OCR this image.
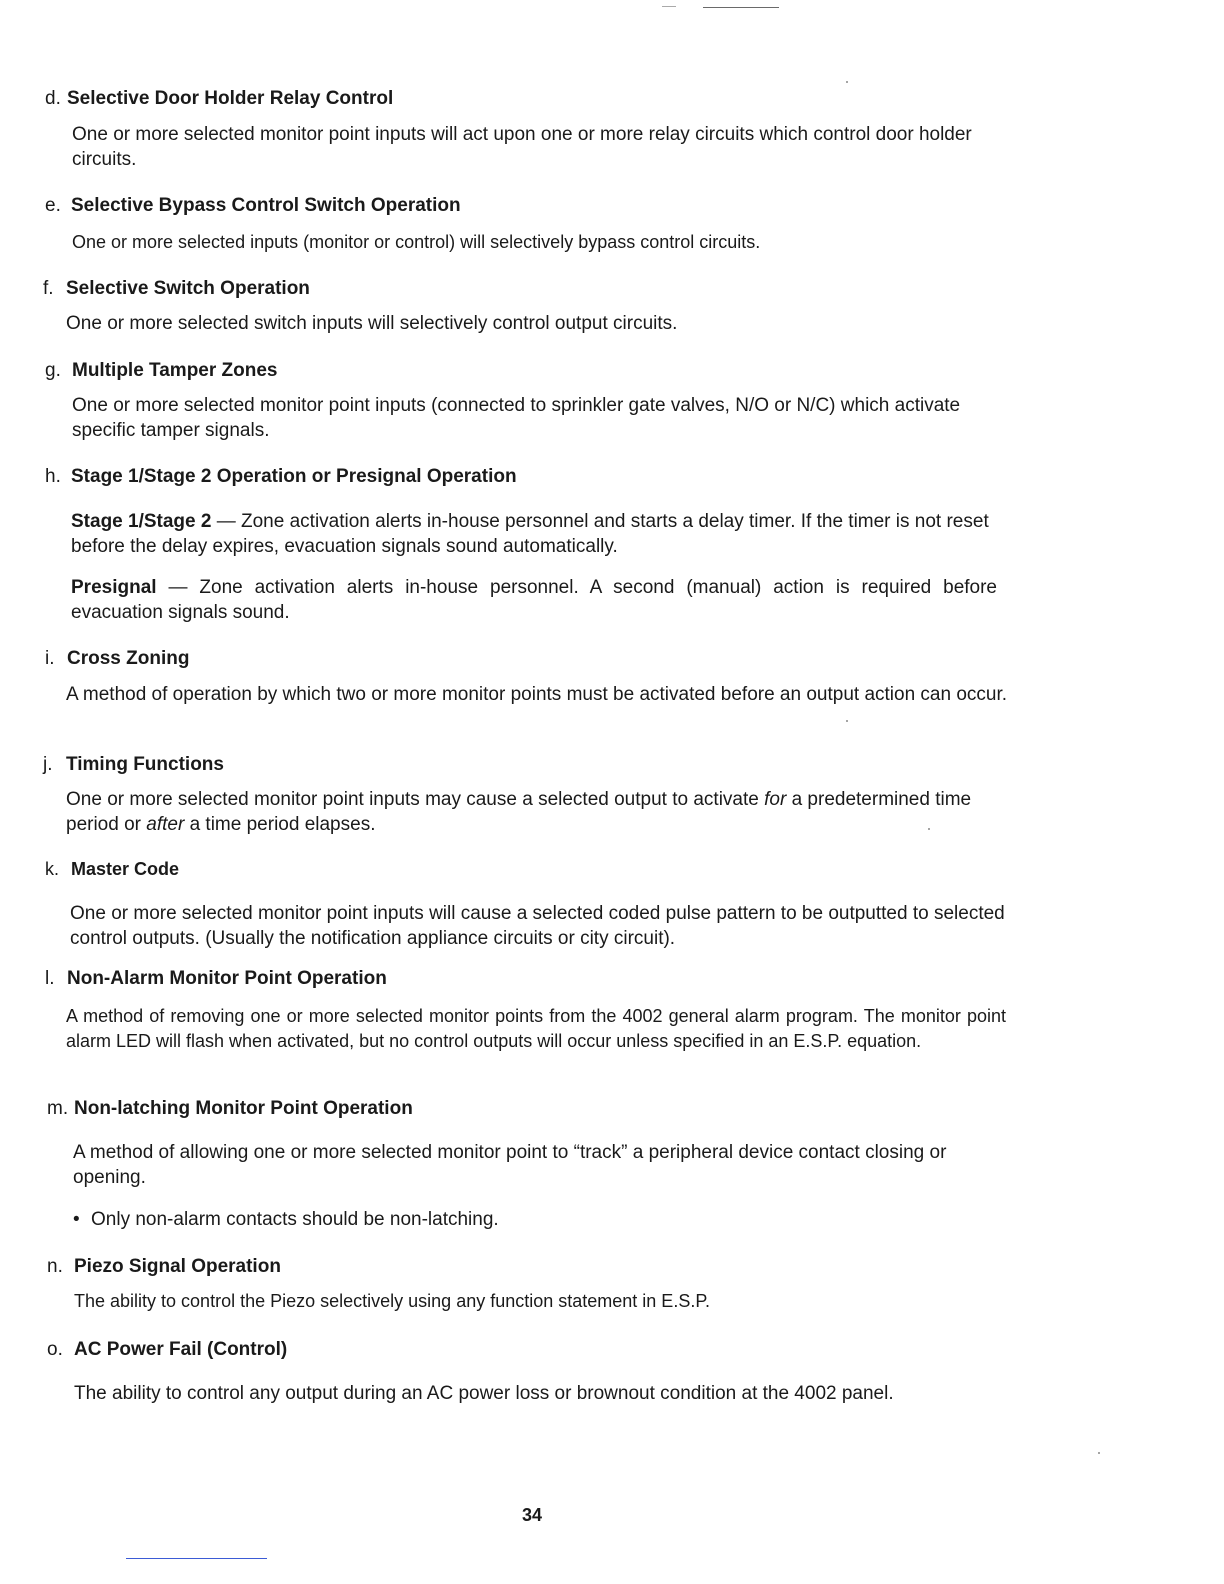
d. Selective Door Holder Relay Control
One or more selected monitor point inputs will act upon one or more relay circuits which control door holder circuits.
e. Selective Bypass Control Switch Operation
One or more selected inputs (monitor or control) will selectively bypass control circuits.
f. Selective Switch Operation
One or more selected switch inputs will selectively control output circuits.
g. Multiple Tamper Zones
One or more selected monitor point inputs (connected to sprinkler gate valves, N/O or N/C) which activate specific tamper signals.
h. Stage 1/Stage 2 Operation or Presignal Operation
Stage 1/Stage 2 — Zone activation alerts in-house personnel and starts a delay timer. If the timer is not reset before the delay expires, evacuation signals sound automatically.
Presignal — Zone activation alerts in-house personnel. A second (manual) action is required before evacuation signals sound.
i. Cross Zoning
A method of operation by which two or more monitor points must be activated before an output action can occur.
j. Timing Functions
One or more selected monitor point inputs may cause a selected output to activate for a predetermined time period or after a time period elapses.
k. Master Code
One or more selected monitor point inputs will cause a selected coded pulse pattern to be outputted to selected control outputs. (Usually the notification appliance circuits or city circuit).
l. Non-Alarm Monitor Point Operation
A method of removing one or more selected monitor points from the 4002 general alarm program. The monitor point alarm LED will flash when activated, but no control outputs will occur unless specified in an E.S.P. equation.
m. Non-latching Monitor Point Operation
A method of allowing one or more selected monitor point to “track” a peripheral device contact closing or opening.
• Only non-alarm contacts should be non-latching.
n. Piezo Signal Operation
The ability to control the Piezo selectively using any function statement in E.S.P.
o. AC Power Fail (Control)
The ability to control any output during an AC power loss or brownout condition at the 4002 panel.
34
